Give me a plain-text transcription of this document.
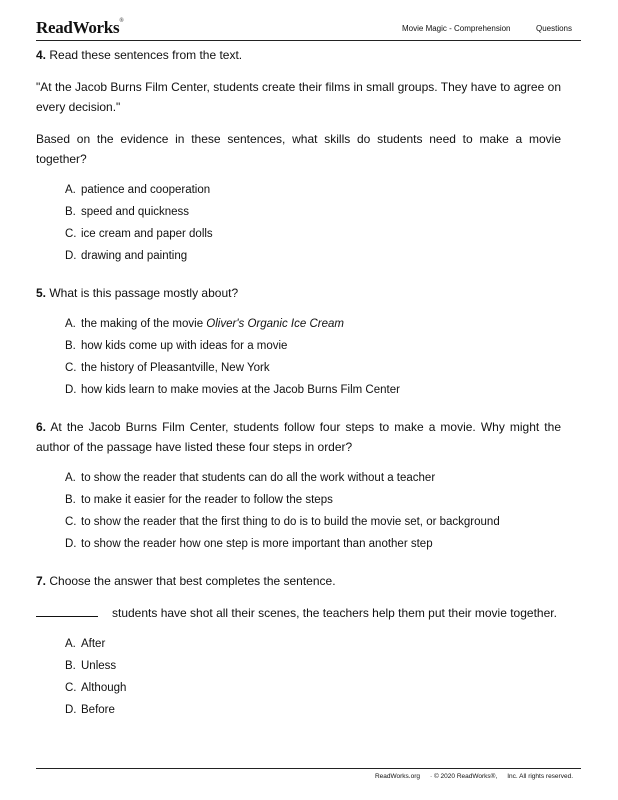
ReadWorks®
Movie Magic - Comprehension	Questions

4. Read these sentences from the text.

"At the Jacob Burns Film Center, students create their films in small groups. They have to agree on every decision."

Based on the evidence in these sentences, what skills do students need to make a movie together?

A. patience and cooperation
B. speed and quickness
C. ice cream and paper dolls
D. drawing and painting

5. What is this passage mostly about?

A. the making of the movie Oliver's Organic Ice Cream
B. how kids come up with ideas for a movie
C. the history of Pleasantville, New York
D. how kids learn to make movies at the Jacob Burns Film Center

6. At the Jacob Burns Film Center, students follow four steps to make a movie. Why might the author of the passage have listed these four steps in order?

A. to show the reader that students can do all the work without a teacher
B. to make it easier for the reader to follow the steps
C. to show the reader that the first thing to do is to build the movie set, or background
D. to show the reader how one step is more important than another step

7. Choose the answer that best completes the sentence.

students have shot all their scenes, the teachers help them put their movie together.

A. After
B. Unless
C. Although
D. Before
ReadWorks.org · © 2020 ReadWorks®, Inc. All rights reserved.
